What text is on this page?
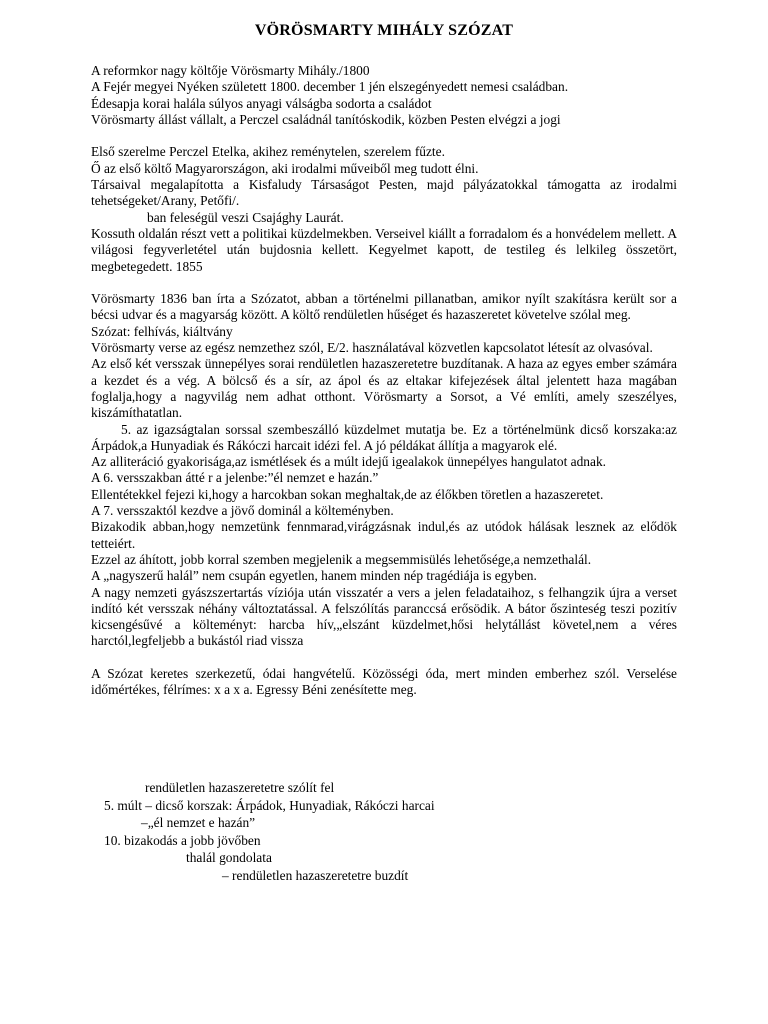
VÖRÖSMARTY MIHÁLY SZÓZAT

A reformkor nagy költője Vörösmarty Mihály./1800

A Fejér megyei Nyéken született 1800. december 1 jén elszegényedett nemesi családban.

Édesapja korai halála súlyos anyagi válságba sodorta a családot

Vörösmarty állást vállalt, a Perczel családnál tanítóskodik, közben Pesten elvégzi a jogi

Első szerelme Perczel Etelka, akihez reménytelen, szerelem fűzte.

Ő az első költő Magyarországon, aki irodalmi műveiből meg tudott élni.

Társaival megalapította a Kisfaludy Társaságot Pesten, majd pályázatokkal támogatta az irodalmi tehetségeket/Arany, Petőfi/.

ban feleségül veszi Csajághy Laurát.

Kossuth oldalán részt vett a politikai küzdelmekben. Verseivel kiállt a forradalom és a honvédelem mellett. A világosi fegyverletétel után bujdosnia kellett. Kegyelmet kapott, de testileg és lelkileg összetört, megbetegedett. 1855

Vörösmarty 1836 ban írta a Szózatot, abban a történelmi pillanatban, amikor nyílt szakításra került sor a bécsi udvar és a magyarság között. A költő rendületlen hűséget és hazaszeretet követelve szólal meg.

Szózat: felhívás, kiáltvány

Vörösmarty verse az egész nemzethez szól, E/2. használatával közvetlen kapcsolatot létesít az olvasóval.

Az első két versszak ünnepélyes sorai rendületlen hazaszeretetre buzdítanak. A haza az egyes ember számára a kezdet és a vég. A bölcső és a sír, az ápol és az eltakar kifejezések által jelentett haza magában foglalja,hogy a nagyvilág nem adhat otthont. Vörösmarty a Sorsot, a Vé említi, amely szeszélyes, kiszámíthatatlan.

5. az igazságtalan sorssal szembeszálló küzdelmet mutatja be. Ez a történelmünk dicső korszaka:az Árpádok,a Hunyadiak és Rákóczi harcait idézi fel. A jó példákat állítja a magyarok elé.

Az alliteráció gyakorisága,az ismétlések és a múlt idejű igealakok ünnepélyes hangulatot adnak.

A 6. versszakban átté r a jelenbe:”él nemzet e hazán.”

Ellentétekkel fejezi ki,hogy a harcokban sokan meghaltak,de az élőkben töretlen a hazaszeretet.

A 7. versszaktól kezdve a jövő dominál a költeményben.

Bizakodik abban,hogy nemzetünk fennmarad,virágzásnak indul,és az utódok hálásak lesznek az elődök tetteiért.

Ezzel az áhított, jobb korral szemben megjelenik a megsemmisülés lehetősége,a nemzethalál.

A „nagyszerű halál” nem csupán egyetlen, hanem minden nép tragédiája is egyben.

A nagy nemzeti gyászszertartás víziója után visszatér a vers a jelen feladataihoz, s felhangzik újra a verset indító két versszak néhány változtatással. A felszólítás paranccsá erősödik. A bátor őszinteség teszi pozitív kicsengésűvé a költeményt: harcba hív,„elszánt küzdelmet,hősi helytállást követel,nem a véres harctól,legfeljebb a bukástól riad vissza

A Szózat keretes szerkezetű, ódai hangvételű. Közösségi óda, mert minden emberhez szól. Verselése időmértékes, félrímes: x a x a. Egressy Béni zenésítette meg.

rendületlen hazaszeretetre szólít fel
5. múlt – dicső korszak: Árpádok, Hunyadiak, Rákóczi harcai
–„él nemzet e hazán”
10. bizakodás a jobb jövőben
thalál gondolata
– rendületlen hazaszeretetre buzdít
